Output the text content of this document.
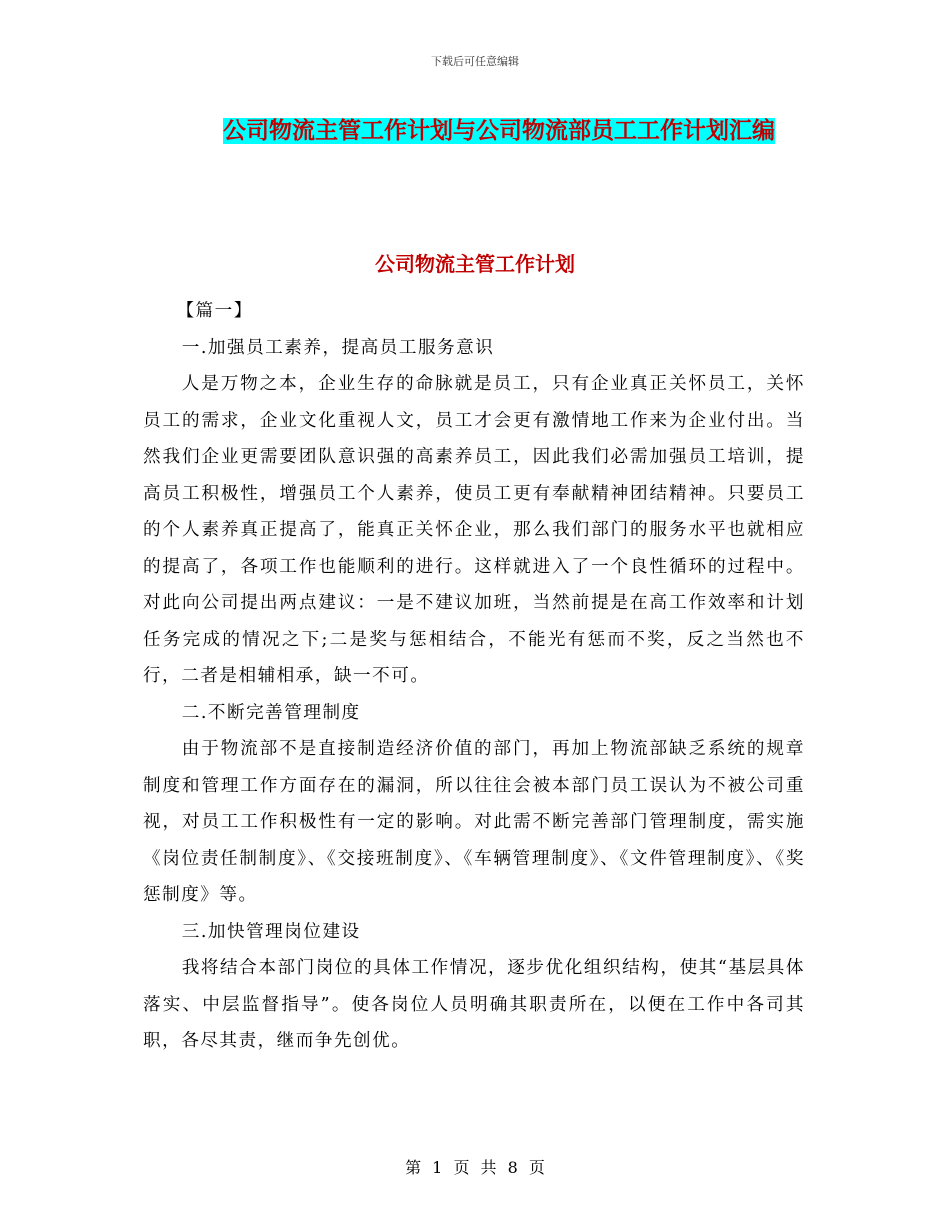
下载后可任意编辑
公司物流主管工作计划与公司物流部员工工作计划汇编
公司物流主管工作计划

【篇一】

一.加强员工素养，提高员工服务意识

人是万物之本，企业生存的命脉就是员工，只有企业真正关怀员工，关怀员工的需求，企业文化重视人文，员工才会更有激情地工作来为企业付出。当然我们企业更需要团队意识强的高素养员工，因此我们必需加强员工培训，提高员工积极性，增强员工个人素养，使员工更有奉献精神团结精神。只要员工的个人素养真正提高了，能真正关怀企业，那么我们部门的服务水平也就相应的提高了，各项工作也能顺利的进行。这样就进入了一个良性循环的过程中。对此向公司提出两点建议：一是不建议加班，当然前提是在高工作效率和计划任务完成的情况之下;二是奖与惩相结合，不能光有惩而不奖，反之当然也不行，二者是相辅相承，缺一不可。

二.不断完善管理制度

由于物流部不是直接制造经济价值的部门，再加上物流部缺乏系统的规章制度和管理工作方面存在的漏洞，所以往往会被本部门员工误认为不被公司重视，对员工工作积极性有一定的影响。对此需不断完善部门管理制度，需实施《岗位责任制制度》、《交接班制度》、《车辆管理制度》、《文件管理制度》、《奖惩制度》等。

三.加快管理岗位建设

我将结合本部门岗位的具体工作情况，逐步优化组织结构，使其“基层具体落实、中层监督指导”。使各岗位人员明确其职责所在，以便在工作中各司其职，各尽其责，继而争先创优。

第 1 页 共 8 页
